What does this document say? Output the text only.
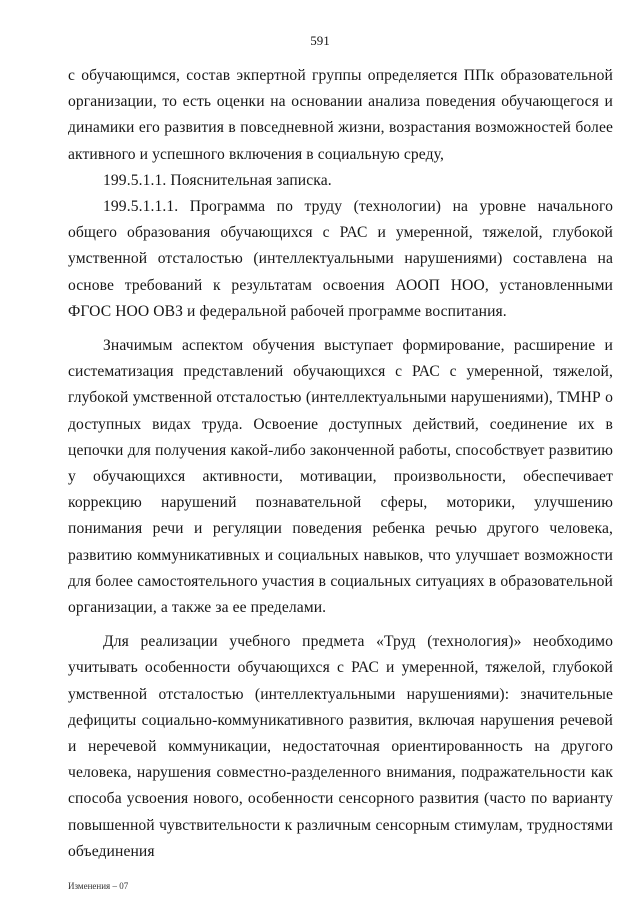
591

с обучающимся, состав экпертной группы определяется ППк образовательной организации, то есть оценки на основании анализа поведения обучающегося и динамики его развития в повседневной жизни, возрастания возможностей более активного и успешного включения в социальную среду,

199.5.1.1. Пояснительная записка.

199.5.1.1.1. Программа по труду (технологии) на уровне начального общего образования обучающихся с РАС и умеренной, тяжелой, глубокой умственной отсталостью (интеллектуальными нарушениями) составлена на основе требований к результатам освоения АООП НОО, установленными ФГОС НОО ОВЗ и федеральной рабочей программе воспитания.

Значимым аспектом обучения выступает формирование, расширение и систематизация представлений обучающихся с РАС с умеренной, тяжелой, глубокой умственной отсталостью (интеллектуальными нарушениями), ТМНР о доступных видах труда. Освоение доступных действий, соединение их в цепочки для получения какой-либо законченной работы, способствует развитию у обучающихся активности, мотивации, произвольности, обеспечивает коррекцию нарушений познавательной сферы, моторики, улучшению понимания речи и регуляции поведения ребенка речью другого человека, развитию коммуникативных и социальных навыков, что улучшает возможности для более самостоятельного участия в социальных ситуациях в образовательной организации, а также за ее пределами.

Для реализации учебного предмета «Труд (технология)» необходимо учитывать особенности обучающихся с РАС и умеренной, тяжелой, глубокой умственной отсталостью (интеллектуальными нарушениями): значительные дефициты социально-коммуникативного развития, включая нарушения речевой и неречевой коммуникации, недостаточная ориентированность на другого человека, нарушения совместно-разделенного внимания, подражательности как способа усвоения нового, особенности сенсорного развития (часто по варианту повышенной чувствительности к различным сенсорным стимулам, трудностями объединения

Изменения – 07
